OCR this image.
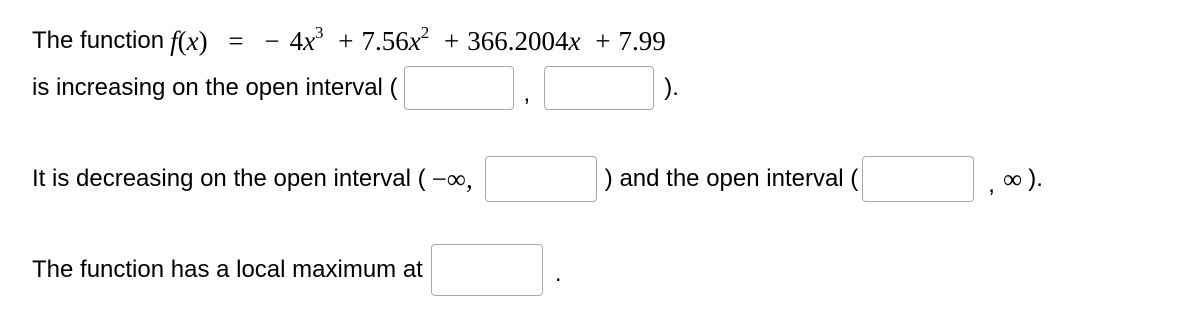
The function f(x) = − $4x^3 + 7.56x^2 + 366.2004x + 7.99$
is increasing on the open interval (	,	).
It is decreasing on the open interval ( −∞,	) and the open interval (	, ∞ ).
The function has a local maximum at	.
